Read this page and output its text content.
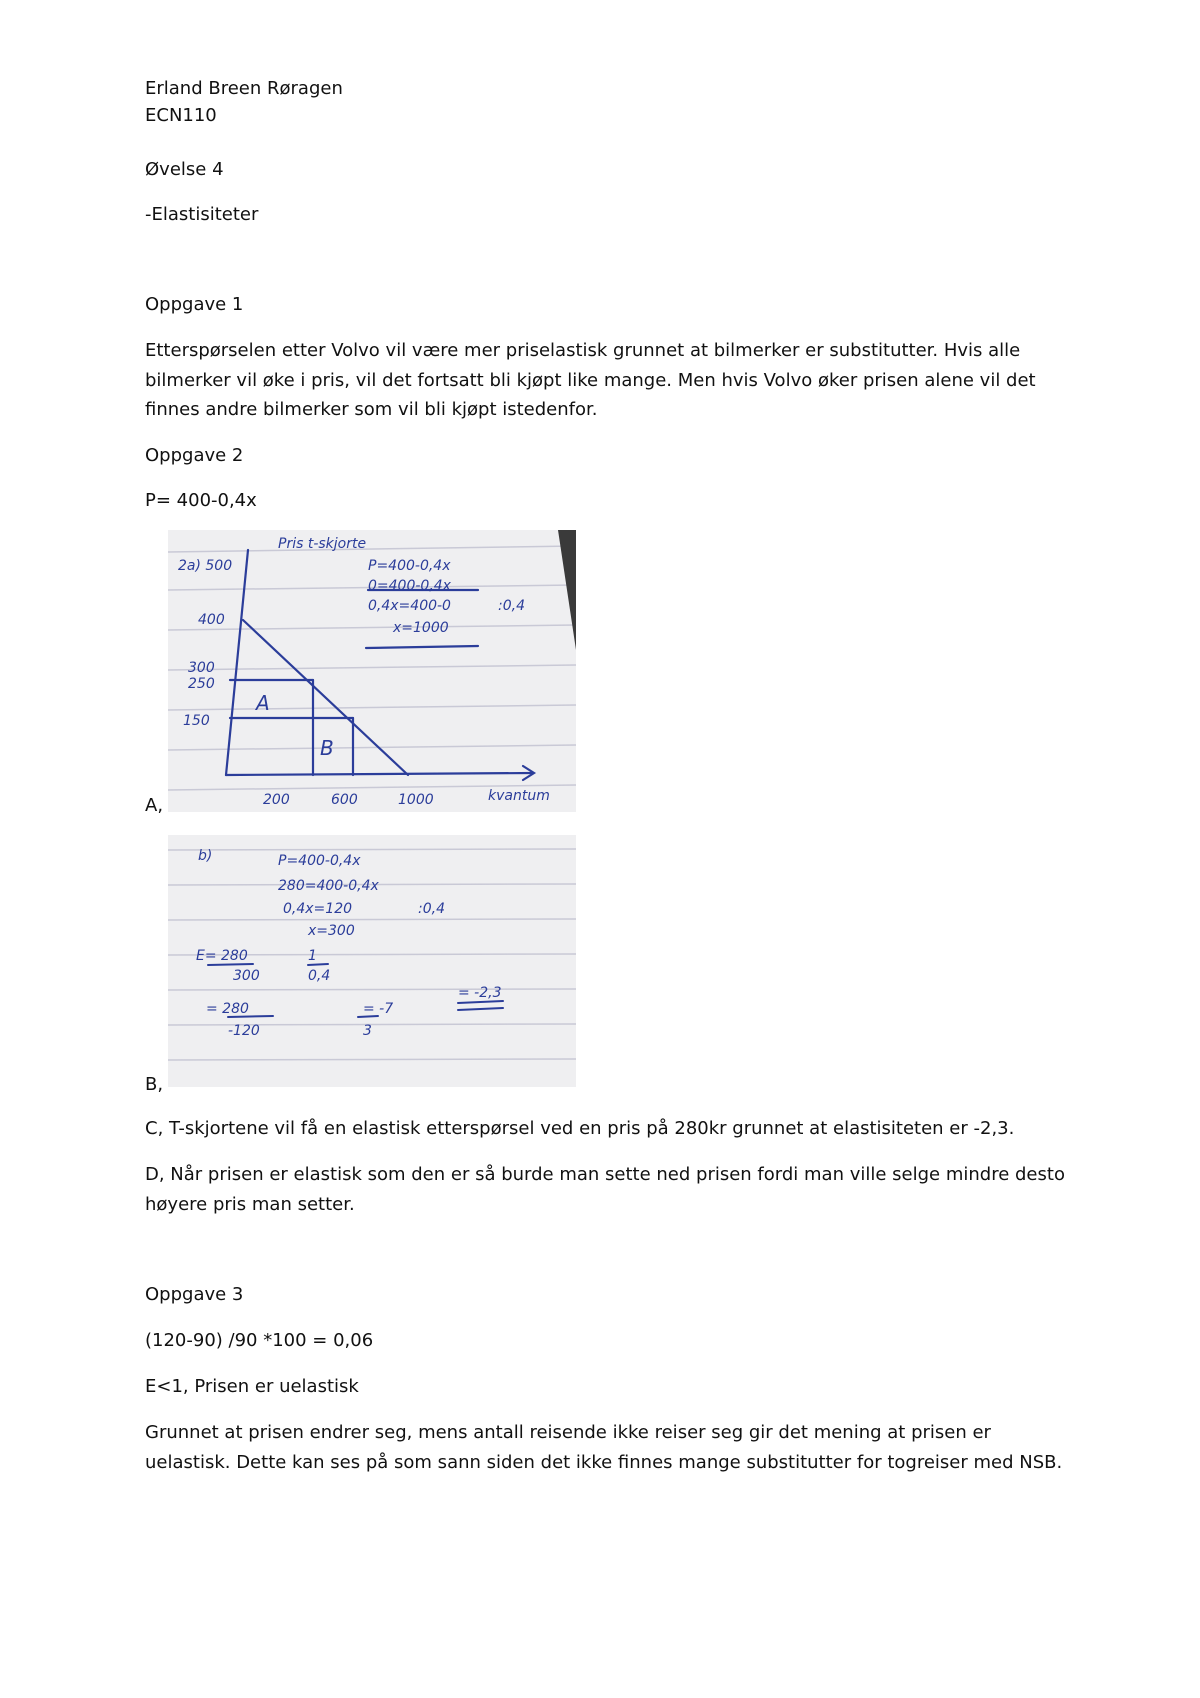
Erland Breen Røragen
ECN110
Øvelse 4
-Elastisiteter
Oppgave 1
Etterspørselen etter Volvo vil være mer priselastisk grunnet at bilmerker er substitutter. Hvis alle bilmerker vil øke i pris, vil det fortsatt bli kjøpt like mange. Men hvis Volvo øker prisen alene vil det finnes andre bilmerker som vil bli kjøpt istedenfor.
Oppgave 2
P= 400-0,4x
Pris t-skjorte
2a) 500
400
300
250
150
A
B
P=400-0,4x
0=400-0,4x
0,4x=400-0	:0,4
x=1000
200	600	1000	kvantum
A,
b)	P=400-0,4x
280=400-0,4x
0,4x=120	:0,4
x=300
E= 280	1
300	0,4
= 280	= -7
= -2,3
-120	3
B,
C, T-skjortene vil få en elastisk etterspørsel ved en pris på 280kr grunnet at elastisiteten er -2,3.
D, Når prisen er elastisk som den er så burde man sette ned prisen fordi man ville selge mindre desto høyere pris man setter.
Oppgave 3
(120-90) /90 *100 = 0,06
E<1, Prisen er uelastisk
Grunnet at prisen endrer seg, mens antall reisende ikke reiser seg gir det mening at prisen er uelastisk. Dette kan ses på som sann siden det ikke finnes mange substitutter for togreiser med NSB.
